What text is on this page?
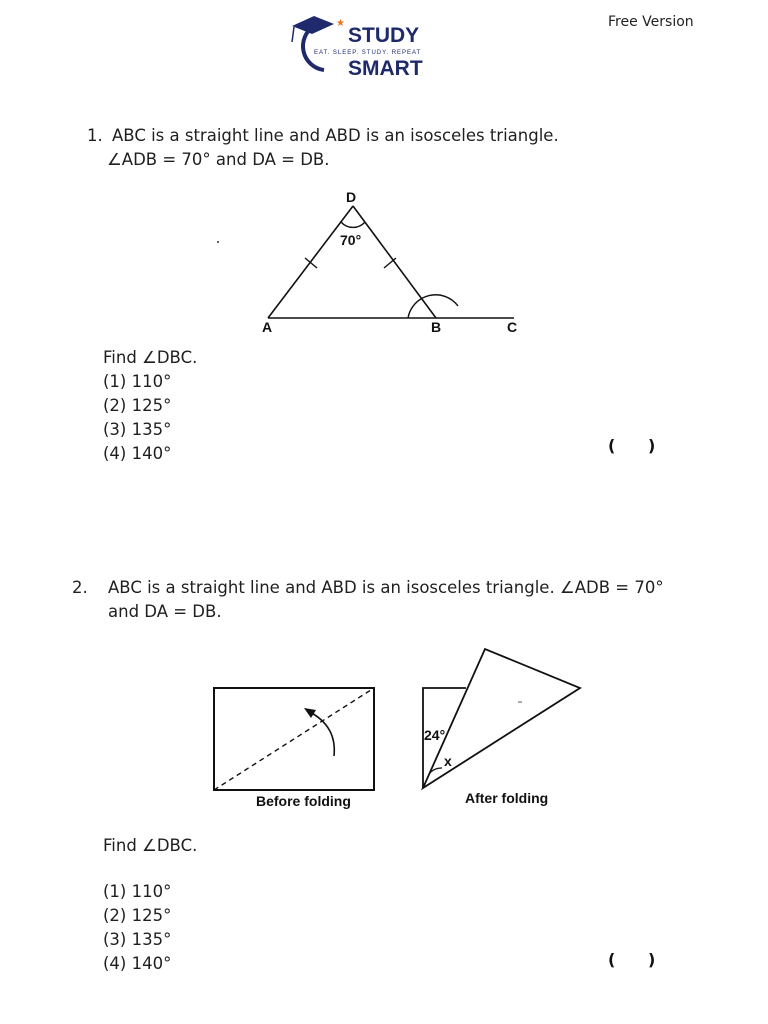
★
STUDY
EAT. SLEEP. STUDY. REPEAT
SMART
Free Version
1. ABC is a straight line and ABD is an isosceles triangle.
∠ADB = 70° and DA = DB.
D
70°
A	B	C
Find ∠DBC.
(1) 110°
(2) 125°
(3) 135°
(4) 140°	( )
2. ABC is a straight line and ABD is an isosceles triangle. ∠ADB = 70°
and DA = DB.
Before folding
24°
x
After folding
Find ∠DBC.
(1) 110°
(2) 125°
(3) 135°
(4) 140°	( )
